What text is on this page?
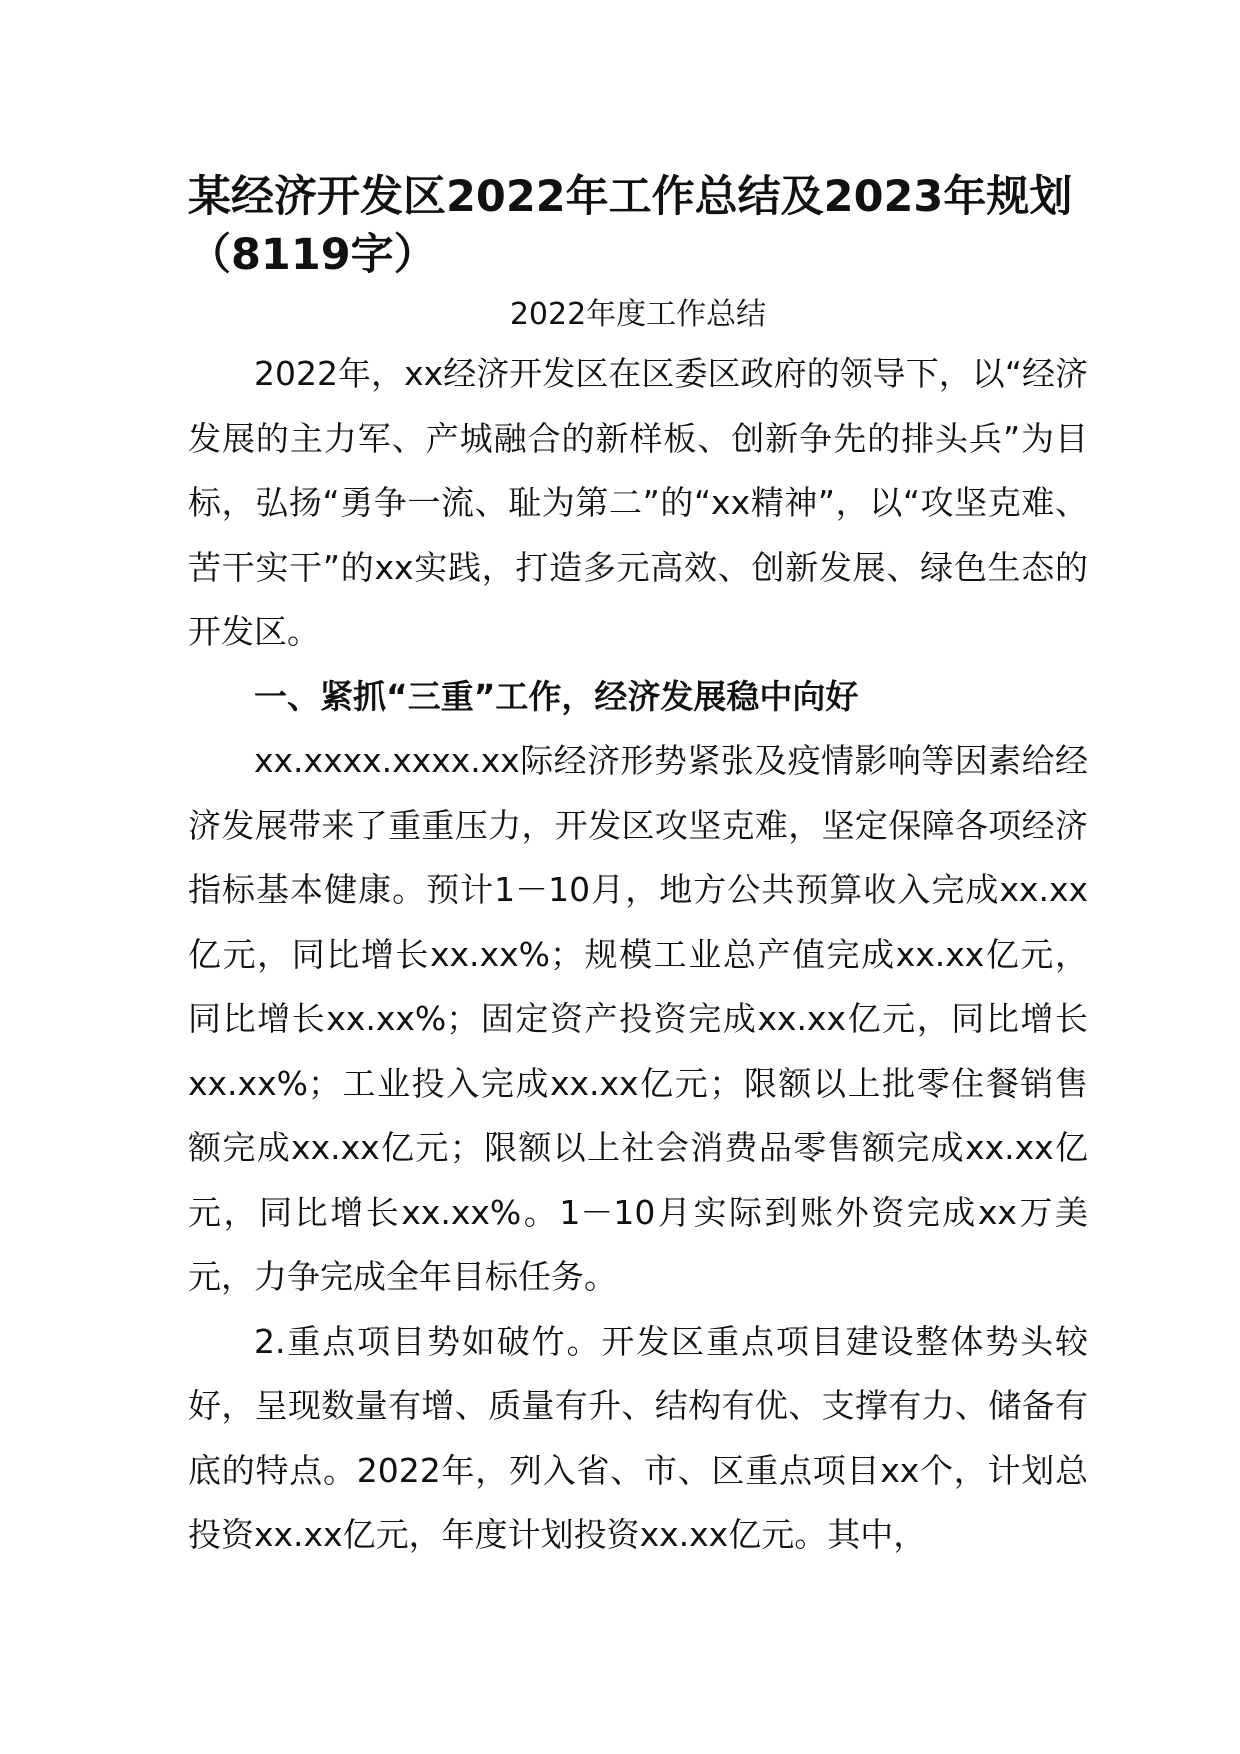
某经济开发区2022年工作总结及2023年规划（8119字）
2022年度工作总结

2022年，xx经济开发区在区委区政府的领导下，以“经济发展的主力军、产城融合的新样板、创新争先的排头兵”为目标，弘扬“勇争一流、耻为第二”的“xx精神”，以“攻坚克难、苦干实干”的xx实践，打造多元高效、创新发展、绿色生态的开发区。

一、紧抓“三重”工作，经济发展稳中向好

xx.xxxx.xxxx.xx际经济形势紧张及疫情影响等因素给经济发展带来了重重压力，开发区攻坚克难，坚定保障各项经济指标基本健康。预计1－10月，地方公共预算收入完成xx.xx亿元，同比增长xx.xx%；规模工业总产值完成xx.xx亿元，同比增长xx.xx%；固定资产投资完成xx.xx亿元，同比增长xx.xx%；工业投入完成xx.xx亿元；限额以上批零住餐销售额完成xx.xx亿元；限额以上社会消费品零售额完成xx.xx亿元，同比增长xx.xx%。1－10月实际到账外资完成xx万美元，力争完成全年目标任务。

2.重点项目势如破竹。开发区重点项目建设整体势头较好，呈现数量有增、质量有升、结构有优、支撑有力、储备有底的特点。2022年，列入省、市、区重点项目xx个，计划总投资xx.xx亿元，年度计划投资xx.xx亿元。其中，
